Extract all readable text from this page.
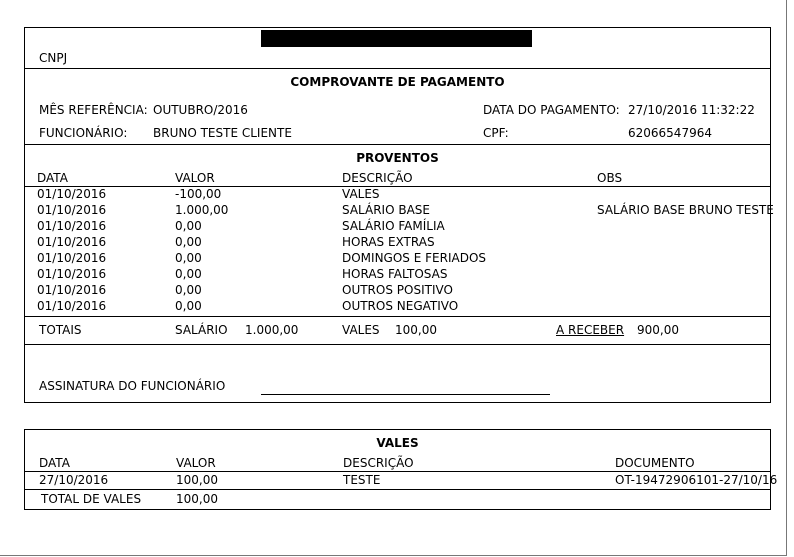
CNPJ
COMPROVANTE DE PAGAMENTO
MÊS REFERÊNCIA: OUTUBRO/2016	DATA DO PAGAMENTO: 27/10/2016 11:32:22
FUNCIONÁRIO: BRUNO TESTE CLIENTE	CPF:	62066547964
PROVENTOS
DATA	VALOR	DESCRIÇÃO	OBS
01/10/2016	-100,00	VALES
01/10/2016	1.000,00	SALÁRIO BASE	SALÁRIO BASE BRUNO TESTE
01/10/2016	0,00	SALÁRIO FAMÍLIA
01/10/2016	0,00	HORAS EXTRAS
01/10/2016	0,00	DOMINGOS E FERIADOS
01/10/2016	0,00	HORAS FALTOSAS
01/10/2016	0,00	OUTROS POSITIVO
01/10/2016	0,00	OUTROS NEGATIVO
TOTAIS	SALÁRIO 1.000,00	VALES 100,00	A RECEBER 900,00
ASSINATURA DO FUNCIONÁRIO
VALES
DATA	VALOR	DESCRIÇÃO	DOCUMENTO
27/10/2016	100,00	TESTE	OT-19472906101-27/10/16
TOTAL DE VALES	100,00
